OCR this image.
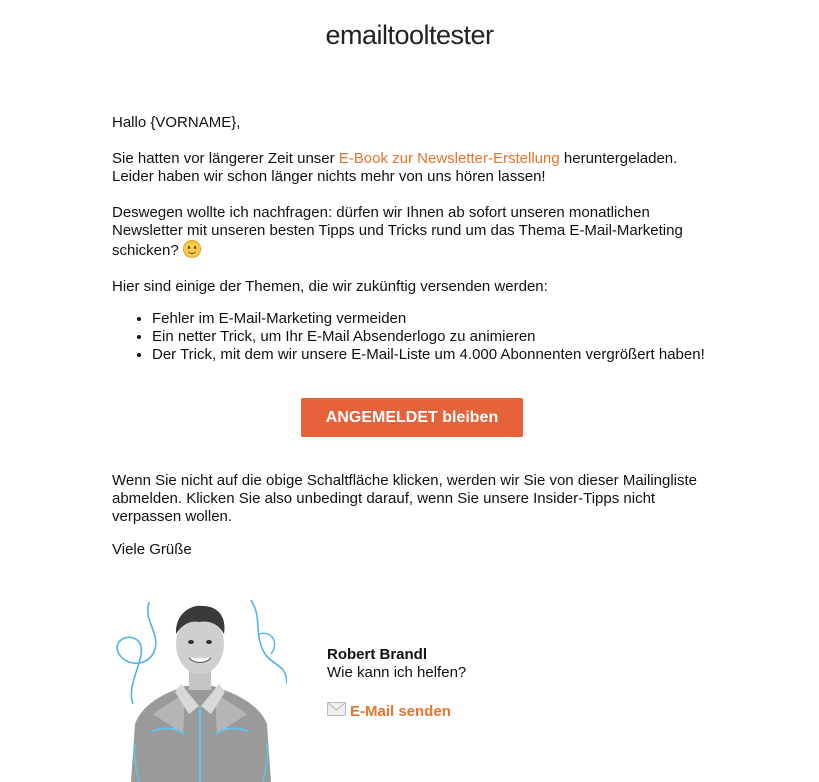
emailtooltester

Hallo {VORNAME},

Sie hatten vor längerer Zeit unser E-Book zur Newsletter-Erstellung heruntergeladen. Leider haben wir schon länger nichts mehr von uns hören lassen!

Deswegen wollte ich nachfragen: dürfen wir Ihnen ab sofort unseren monatlichen Newsletter mit unseren besten Tipps und Tricks rund um das Thema E-Mail-Marketing schicken?

Hier sind einige der Themen, die wir zukünftig versenden werden:

• Fehler im E-Mail-Marketing vermeiden
• Ein netter Trick, um Ihr E-Mail Absenderlogo zu animieren
• Der Trick, mit dem wir unsere E-Mail-Liste um 4.000 Abonnenten vergrößert haben!
ANGEMELDET bleiben

Wenn Sie nicht auf die obige Schaltfläche klicken, werden wir Sie von dieser Mailingliste abmelden. Klicken Sie also unbedingt darauf, wenn Sie unsere Insider-Tipps nicht verpassen wollen.

Viele Grüße

Robert Brandl
Wie kann ich helfen?
E-Mail senden
